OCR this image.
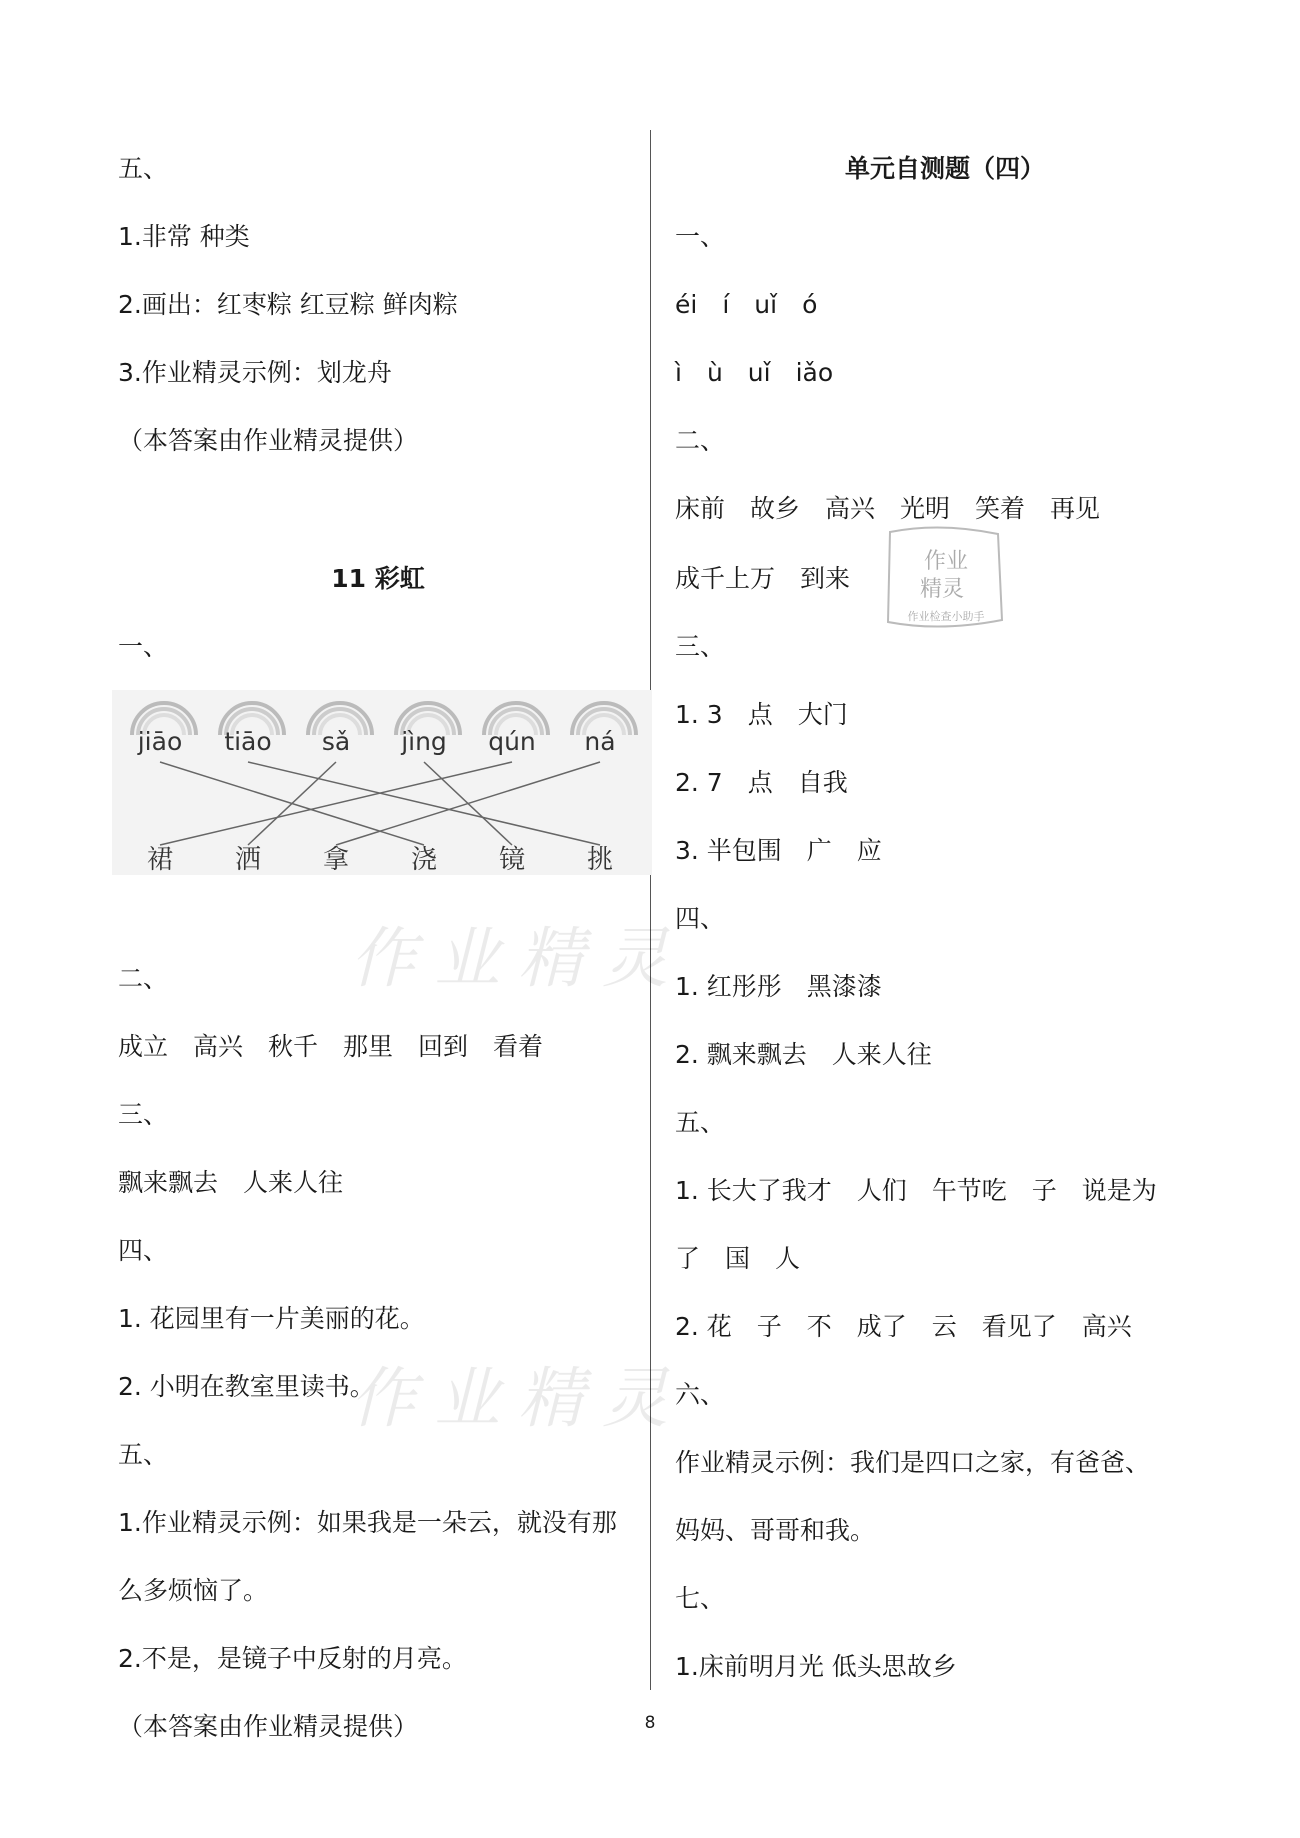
作业精灵
作业精灵
五、
1.非常 种类
2.画出：红枣粽 红豆粽 鲜肉粽
3.作业精灵示例：划龙舟
（本答案由作业精灵提供）
11 彩虹
一、
二、
成立　高兴　秋千　那里　回到　看着
三、
飘来飘去　人来人往
四、
1. 花园里有一片美丽的花。
2. 小明在教室里读书。
五、
1.作业精灵示例：如果我是一朵云，就没有那
么多烦恼了。
2.不是，是镜子中反射的月亮。
（本答案由作业精灵提供）
jiāo tiāo sǎ jìng qún ná
裙 洒 拿 浇 镜 挑
单元自测题（四）
一、
éi　í　uǐ　ó
ì　ù　uǐ　iǎo
二、
床前　故乡　高兴　光明　笑着　再见
成千上万　到来
三、
1. 3　点　大门
2. 7　点　自我
3. 半包围　广　应
四、
1. 红彤彤　黑漆漆
2. 飘来飘去　人来人往
五、
1. 长大了我才　人们　午节吃　子　说是为
了　国　人
2. 花　子　不　成了　云　看见了　高兴
六、
作业精灵示例：我们是四口之家，有爸爸、
妈妈、哥哥和我。
七、
1.床前明月光 低头思故乡
作业
精灵
作业检查小助手
8
